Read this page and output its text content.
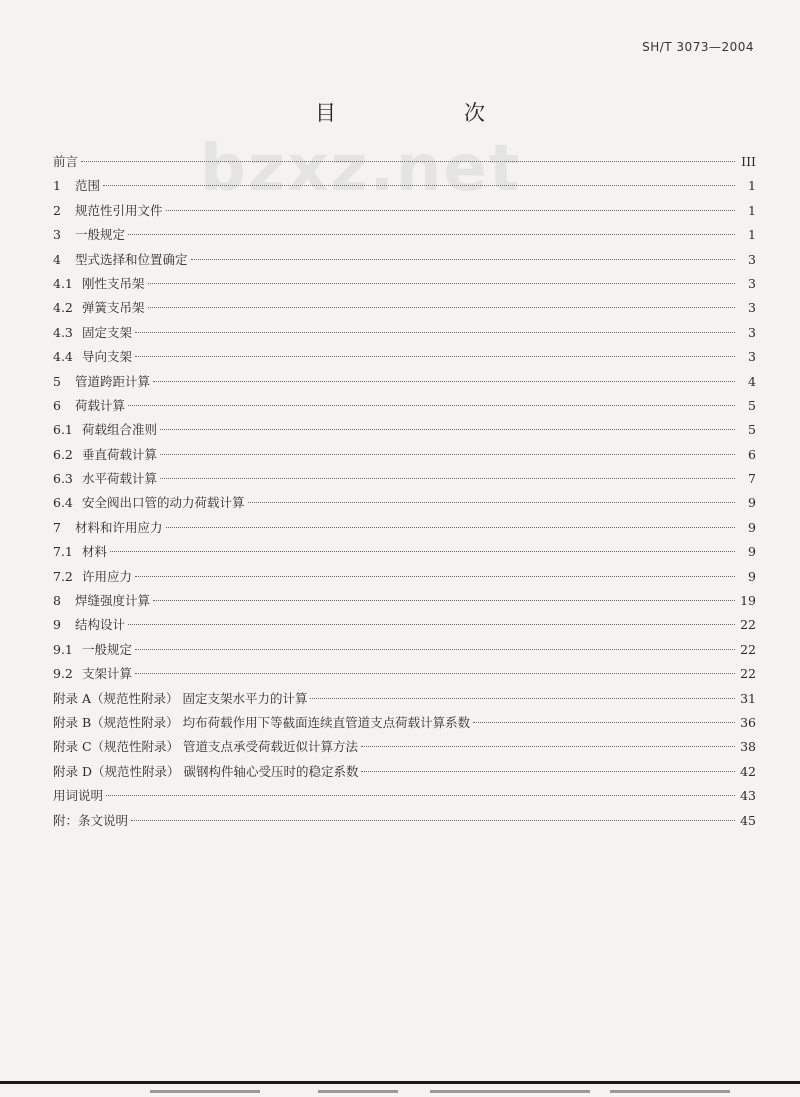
SH/T 3073—2004
目	次
bzxz.net
前言	III
1	范围	1
2	规范性引用文件	1
3	一般规定	1
4	型式选择和位置确定	3
4.1 刚性支吊架	3
4.2 弹簧支吊架	3
4.3 固定支架	3
4.4 导向支架	3
5	管道跨距计算	4
6	荷载计算	5
6.1 荷载组合准则	5
6.2 垂直荷载计算	6
6.3 水平荷载计算	7
6.4 安全阀出口管的动力荷载计算	9
7	材料和许用应力	9
7.1 材料	9
7.2 许用应力	9
8	焊缝强度计算	19
9	结构设计	22
9.1 一般规定	22
9.2 支架计算	22
附录 A（规范性附录） 固定支架水平力的计算	31
附录 B（规范性附录） 均布荷载作用下等截面连续直管道支点荷载计算系数	36
附录 C（规范性附录） 管道支点承受荷载近似计算方法	38
附录 D（规范性附录） 碳钢构件轴心受压时的稳定系数	42
用词说明	43
附：条文说明	45
